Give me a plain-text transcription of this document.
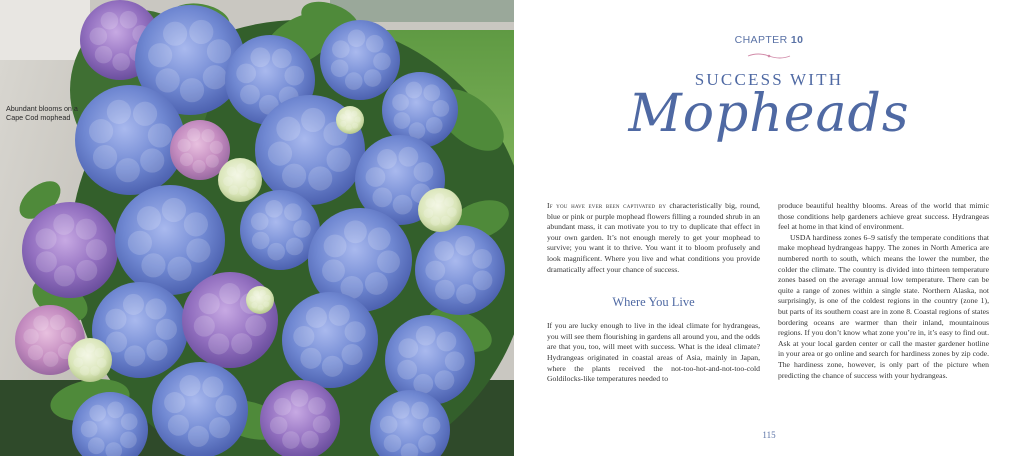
Abundant blooms on a Cape Cod mophead
CHAPTER 10
SUCCESS WITH
Mopheads

If you have ever been captivated by characteristically big, round, blue or pink or purple mophead flowers filling a rounded shrub in an abundant mass, it can motivate you to try to duplicate that effect in your own garden. It’s not enough merely to get your mophead to survive; you want it to thrive. You want it to bloom profusely and look magnificent. Where you live and what conditions you provide dramatically affect your chance of success.

Where You Live

If you are lucky enough to live in the ideal climate for hydrangeas, you will see them flourishing in gardens all around you, and the odds are that you, too, will meet with success. What is the ideal climate? Hydrangeas originated in coastal areas of Asia, mainly in Japan, where the plants received the not-too-hot-and-not-too-cold Goldilocks-like temperatures needed to

produce beautiful healthy blooms. Areas of the world that mimic those conditions help gardeners achieve great success. Hydrangeas feel at home in that kind of environment.

USDA hardiness zones 6–9 satisfy the temperate conditions that make mophead hydrangeas happy. The zones in North America are numbered north to south, which means the lower the number, the colder the climate. The country is divided into thirteen temperature zones based on the average annual low temperature. There can be quite a range of zones within a single state. Northern Alaska, not surprisingly, is one of the coldest regions in the country (zone 1), but parts of its southern coast are in zone 8. Coastal regions of states bordering oceans are warmer than their inland, mountainous regions. If you don’t know what zone you’re in, it’s easy to find out. Ask at your local garden center or call the master gardener hotline in your area or go online and search for hardiness zones by zip code. The hardiness zone, however, is only part of the picture when predicting the chance of success with your hydrangeas.

115
